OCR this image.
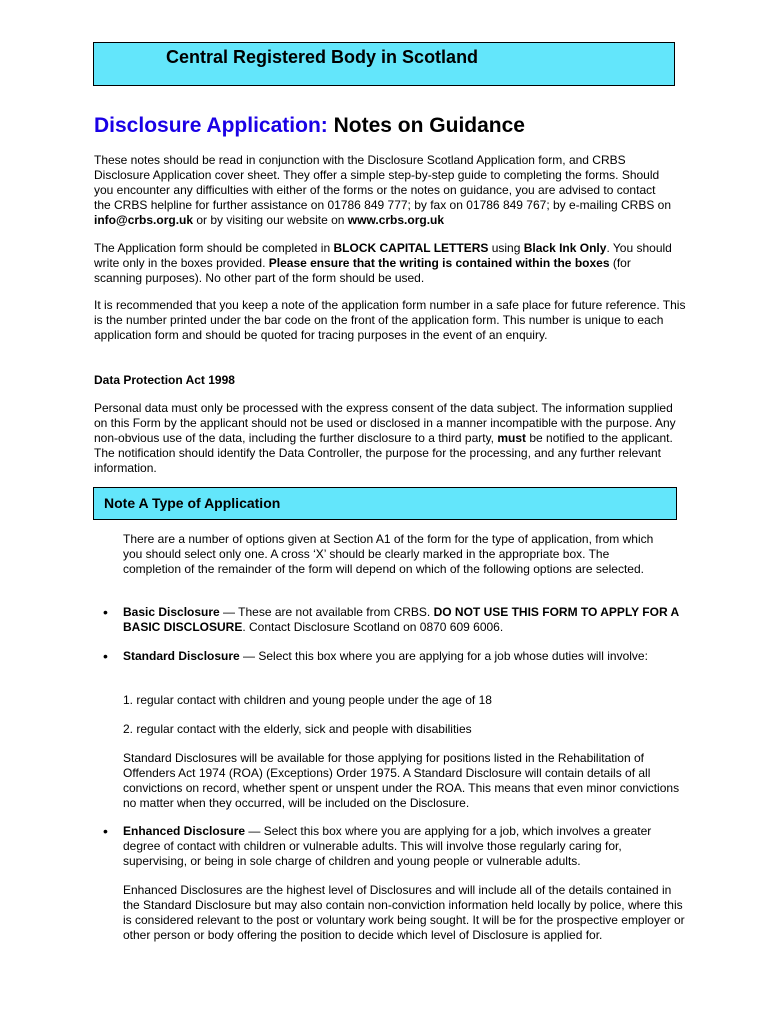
Central Registered Body in Scotland
Disclosure Application: Notes on Guidance

These notes should be read in conjunction with the Disclosure Scotland Application form, and CRBS Disclosure Application cover sheet. They offer a simple step-by-step guide to completing the forms. Should you encounter any difficulties with either of the forms or the notes on guidance, you are advised to contact the CRBS helpline for further assistance on 01786 849 777; by fax on 01786 849 767; by e-mailing CRBS on info@crbs.org.uk or by visiting our website on www.crbs.org.uk

The Application form should be completed in BLOCK CAPITAL LETTERS using Black Ink Only. You should write only in the boxes provided. Please ensure that the writing is contained within the boxes (for scanning purposes). No other part of the form should be used.

It is recommended that you keep a note of the application form number in a safe place for future reference. This is the number printed under the bar code on the front of the application form. This number is unique to each application form and should be quoted for tracing purposes in the event of an enquiry.

Data Protection Act 1998

Personal data must only be processed with the express consent of the data subject. The information supplied on this Form by the applicant should not be used or disclosed in a manner incompatible with the purpose. Any non-obvious use of the data, including the further disclosure to a third party, must be notified to the applicant. The notification should identify the Data Controller, the purpose for the processing, and any further relevant information.

Note A Type of Application

There are a number of options given at Section A1 of the form for the type of application, from which you should select only one. A cross ‘X’ should be clearly marked in the appropriate box. The completion of the remainder of the form will depend on which of the following options are selected.

• Basic Disclosure — These are not available from CRBS. DO NOT USE THIS FORM TO APPLY FOR A BASIC DISCLOSURE. Contact Disclosure Scotland on 0870 609 6006.

• Standard Disclosure — Select this box where you are applying for a job whose duties will involve:

1. regular contact with children and young people under the age of 18

2. regular contact with the elderly, sick and people with disabilities

Standard Disclosures will be available for those applying for positions listed in the Rehabilitation of Offenders Act 1974 (ROA) (Exceptions) Order 1975. A Standard Disclosure will contain details of all convictions on record, whether spent or unspent under the ROA. This means that even minor convictions no matter when they occurred, will be included on the Disclosure.

• Enhanced Disclosure — Select this box where you are applying for a job, which involves a greater degree of contact with children or vulnerable adults. This will involve those regularly caring for, supervising, or being in sole charge of children and young people or vulnerable adults.

Enhanced Disclosures are the highest level of Disclosures and will include all of the details contained in the Standard Disclosure but may also contain non-conviction information held locally by police, where this is considered relevant to the post or voluntary work being sought. It will be for the prospective employer or other person or body offering the position to decide which level of Disclosure is applied for.
